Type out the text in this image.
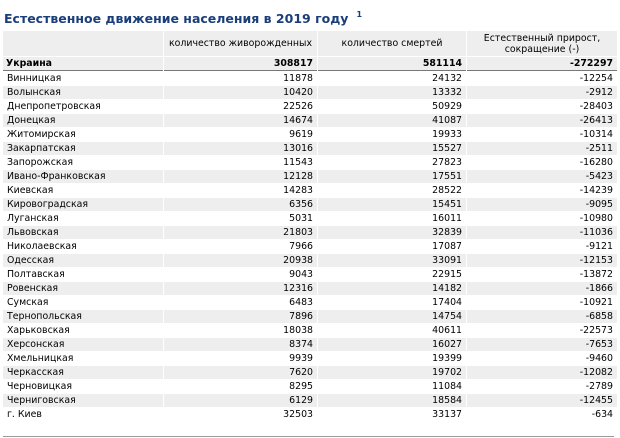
Естественное движение населения в 2019 году $^1$
	количество живорожденных	количество смертей	Естественный прирост, сокращение (-)
Украина	308817	581114	-272297
Винницкая	11878	24132	-12254
Волынская	10420	13332	-2912
Днепропетровская	22526	50929	-28403
Донецкая	14674	41087	-26413
Житомирская	9619	19933	-10314
Закарпатская	13016	15527	-2511
Запорожская	11543	27823	-16280
Ивано-Франковская	12128	17551	-5423
Киевская	14283	28522	-14239
Кировоградская	6356	15451	-9095
Луганская	5031	16011	-10980
Львовская	21803	32839	-11036
Николаевская	7966	17087	-9121
Одесская	20938	33091	-12153
Полтавская	9043	22915	-13872
Ровенская	12316	14182	-1866
Сумская	6483	17404	-10921
Тернопольская	7896	14754	-6858
Харьковская	18038	40611	-22573
Херсонская	8374	16027	-7653
Хмельницкая	9939	19399	-9460
Черкасская	7620	19702	-12082
Черновицкая	8295	11084	-2789
Черниговская	6129	18584	-12455
г. Киев	32503	33137	-634
